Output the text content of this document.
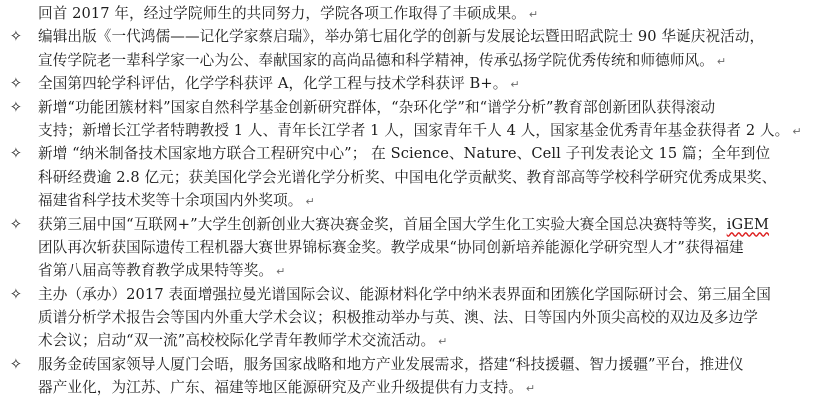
回首 2017 年，经过学院师生的共同努力，学院各项工作取得了丰硕成果。 ↵
✧ 编辑出版《一代鸿儒——记化学家蔡启瑞》，举办第七届化学的创新与发展论坛暨田昭武院士 90 华诞庆祝活动，
宣传学院老一辈科学家一心为公、奉献国家的高尚品德和科学精神，传承弘扬学院优秀传统和师德师风。 ↵
✧ 全国第四轮学科评估，化学学科获评 A，化学工程与技术学科获评 B+。 ↵
✧ 新增“功能团簇材料”国家自然科学基金创新研究群体，“杂环化学”和“谱学分析”教育部创新团队获得滚动
支持；新增长江学者特聘教授 1 人、青年长江学者 1 人，国家青年千人 4 人，国家基金优秀青年基金获得者 2 人。 ↵
✧ 新增 “纳米制备技术国家地方联合工程研究中心”； 在 Science、Nature、Cell 子刊发表论文 15 篇；全年到位
科研经费逾 2.8 亿元；获美国化学会光谱化学分析奖、中国电化学贡献奖、教育部高等学校科学研究优秀成果奖、
福建省科学技术奖等十余项国内外奖项。 ↵
✧ 获第三届中国“互联网+”大学生创新创业大赛决赛金奖，首届全国大学生化工实验大赛全国总决赛特等奖，iGEM
团队再次斩获国际遗传工程机器大赛世界锦标赛金奖。教学成果“协同创新培养能源化学研究型人才”获得福建
省第八届高等教育教学成果特等奖。 ↵
✧ 主办（承办）2017 表面增强拉曼光谱国际会议、能源材料化学中纳米表界面和团簇化学国际研讨会、第三届全国
质谱分析学术报告会等国内外重大学术会议；积极推动举办与英、澳、法、日等国内外顶尖高校的双边及多边学
术会议；启动“双一流”高校校际化学青年教师学术交流活动。 ↵
✧ 服务金砖国家领导人厦门会晤，服务国家战略和地方产业发展需求，搭建“科技援疆、智力援疆”平台，推进仪
器产业化，为江苏、广东、福建等地区能源研究及产业升级提供有力支持。 ↵
